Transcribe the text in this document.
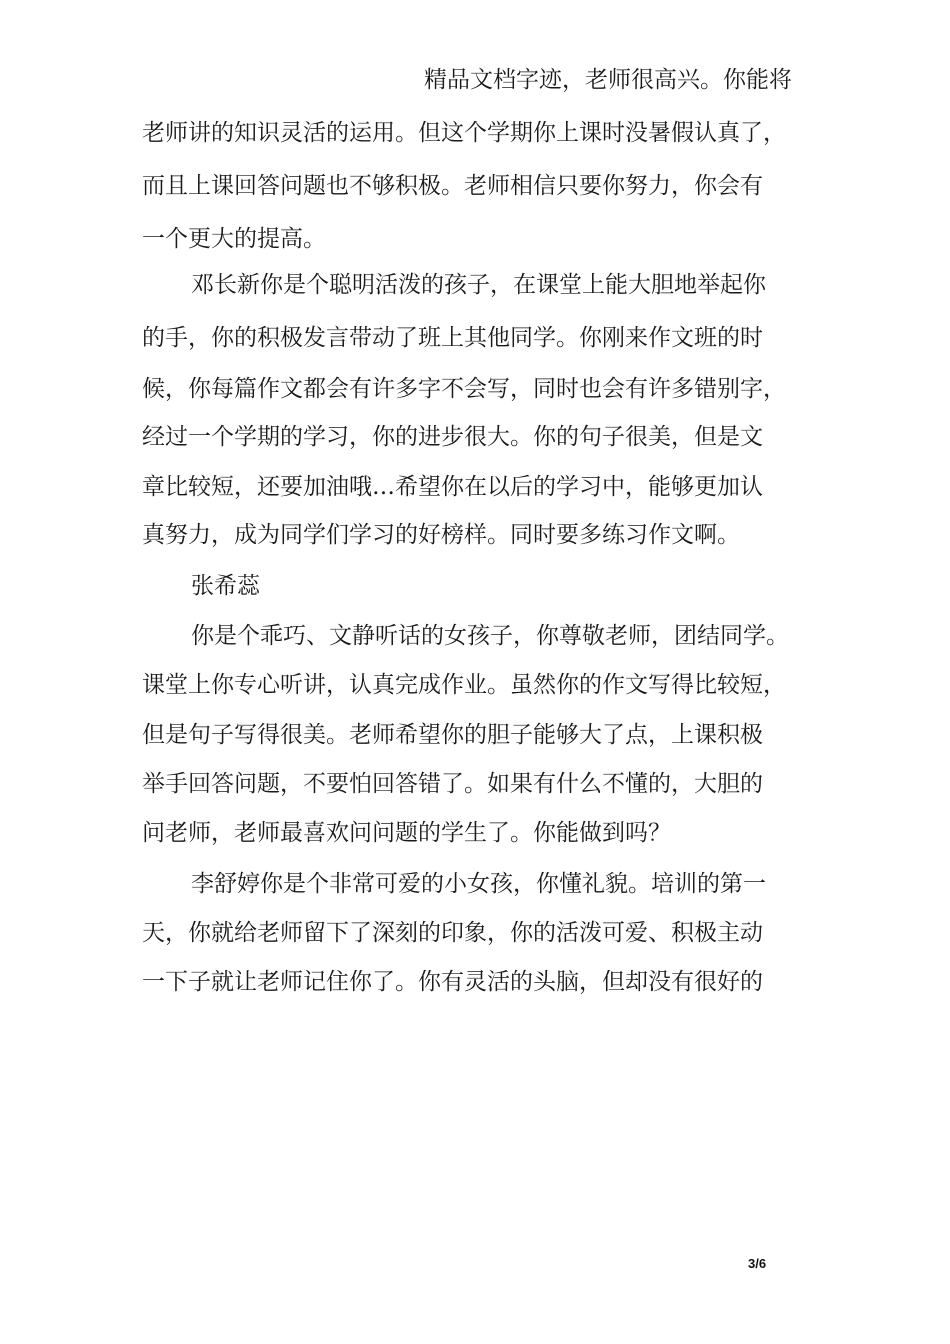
精品文档字迹，老师很高兴。你能将
老师讲的知识灵活的运用。但这个学期你上课时没暑假认真了，
而且上课回答问题也不够积极。老师相信只要你努力，你会有
一个更大的提高。
邓长新你是个聪明活泼的孩子，在课堂上能大胆地举起你
的手，你的积极发言带动了班上其他同学。你刚来作文班的时
候，你每篇作文都会有许多字不会写，同时也会有许多错别字，
经过一个学期的学习，你的进步很大。你的句子很美，但是文
章比较短，还要加油哦…希望你在以后的学习中，能够更加认
真努力，成为同学们学习的好榜样。同时要多练习作文啊。
张希蕊
你是个乖巧、文静听话的女孩子，你尊敬老师，团结同学。
课堂上你专心听讲，认真完成作业。虽然你的作文写得比较短，
但是句子写得很美。老师希望你的胆子能够大了点，上课积极
举手回答问题，不要怕回答错了。如果有什么不懂的，大胆的
问老师，老师最喜欢问问题的学生了。你能做到吗？
李舒婷你是个非常可爱的小女孩，你懂礼貌。培训的第一
天，你就给老师留下了深刻的印象，你的活泼可爱、积极主动
一下子就让老师记住你了。你有灵活的头脑，但却没有很好的
3/6
